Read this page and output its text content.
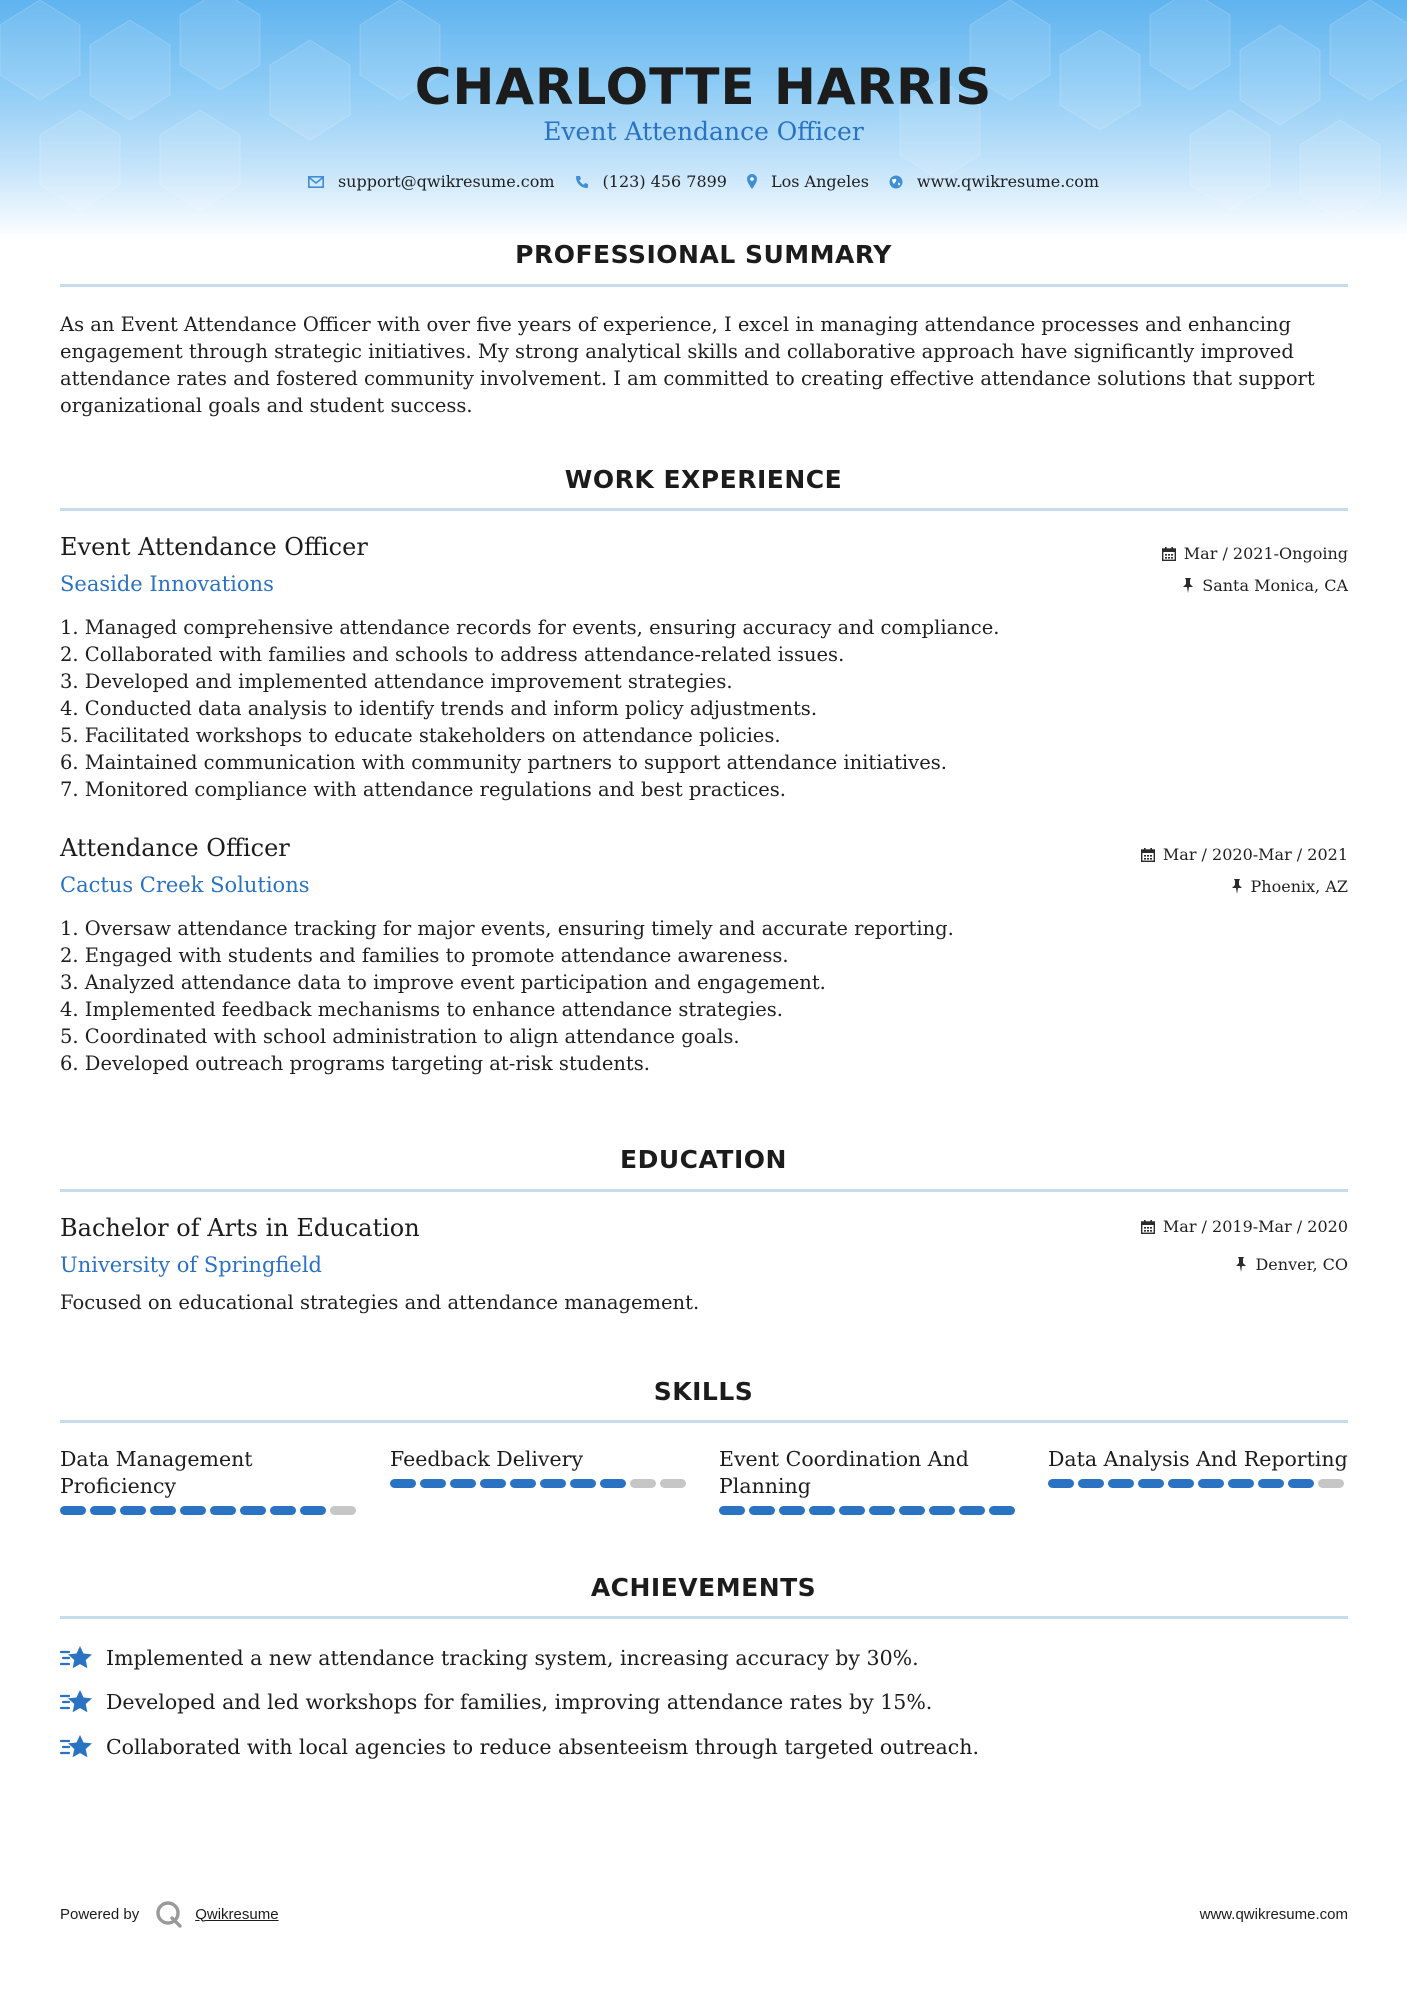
CHARLOTTE HARRIS
Event Attendance Officer
support@qwikresume.com	(123) 456 7899	Los Angeles	www.qwikresume.com
PROFESSIONAL SUMMARY
As an Event Attendance Officer with over five years of experience, I excel in managing attendance processes and enhancing
engagement through strategic initiatives. My strong analytical skills and collaborative approach have significantly improved
attendance rates and fostered community involvement. I am committed to creating effective attendance solutions that support
organizational goals and student success.
WORK EXPERIENCE
Event Attendance Officer
Seaside Innovations
Mar / 2021-Ongoing
Santa Monica, CA
1. Managed comprehensive attendance records for events, ensuring accuracy and compliance.
2. Collaborated with families and schools to address attendance-related issues.
3. Developed and implemented attendance improvement strategies.
4. Conducted data analysis to identify trends and inform policy adjustments.
5. Facilitated workshops to educate stakeholders on attendance policies.
6. Maintained communication with community partners to support attendance initiatives.
7. Monitored compliance with attendance regulations and best practices.
Attendance Officer
Cactus Creek Solutions
Mar / 2020-Mar / 2021
Phoenix, AZ
1. Oversaw attendance tracking for major events, ensuring timely and accurate reporting.
2. Engaged with students and families to promote attendance awareness.
3. Analyzed attendance data to improve event participation and engagement.
4. Implemented feedback mechanisms to enhance attendance strategies.
5. Coordinated with school administration to align attendance goals.
6. Developed outreach programs targeting at-risk students.
EDUCATION
Bachelor of Arts in Education
University of Springfield
Mar / 2019-Mar / 2020
Denver, CO
Focused on educational strategies and attendance management.
SKILLS
Data Management
Proficiency
Feedback Delivery	Event Coordination And
Planning
Data Analysis And Reporting
ACHIEVEMENTS
Implemented a new attendance tracking system, increasing accuracy by 30%.
Developed and led workshops for families, improving attendance rates by 15%.
Collaborated with local agencies to reduce absenteeism through targeted outreach.
Powered by	Qwikresume	www.qwikresume.com
